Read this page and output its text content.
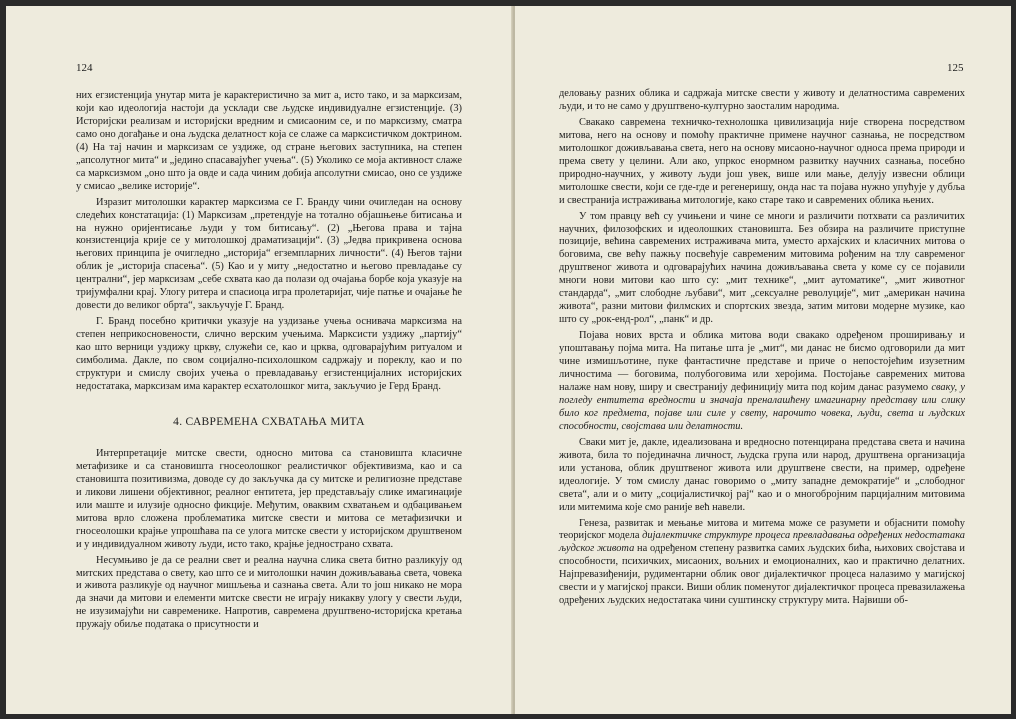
124

них егзистенција унутар мита је карактеристично за мит а, исто тако, и за марксизам, који као идеологија настоји да усклади све људске индивидуалне егзистенције. (3) Историјски реализам и историјски вредним и смисаоним се, и по марксизму, сматра само оно догађање и она људска делатност која се слаже са марксистичком доктрином. (4) На тај начин и марксизам се уздиже, од стране његових заступника, на степен „апсолутног мита“ и „једино спасавајућег учења“. (5) Уколико се моја активност слаже са марксизмом „оно што ја овде и сада чиним добија апсолутни смисао, оно се уздиже у смисао „велике историје“.

Изразит митолошки карактер марксизма се Г. Бранду чини очигледан на основу следећих констатација: (1) Марксизам „претендује на тотално објашњење битисања и на нужно оријентисање људи у том битисању“. (2) „Његова права и тајна конзистенција крије се у митолошкој драматизацији“. (3) „Једва прикривена основа његових принципа је очигледно „историја“ егземпларних личности“. (4) Његов тајни облик је „историја спасења“. (5) Као и у миту „недостатно и његово превладање су централни“, јер марксизам „себе схвата као да полази од очајања борбе која указује на тријумфални крај. Улогу ритера и спасиоца игра пролетаријат, чије патње и очајање ће довести до великог обрта“, закључује Г. Бранд.

Г. Бранд посебно критички указује на уздизање учења оснивача марксизма на степен неприкосновености, слично верским учењима. Марксисти уздижу „партију“ као што верници уздижу цркву, служећи се, као и црква, одговарајућим ритуалом и симболима. Дакле, по свом социјално-психолошком садржају и пореклу, као и по структури и смислу својих учења о превладавању егзистенцијалних историјских недостатака, марксизам има карактер есхатолошког мита, закључио је Герд Бранд.

4. САВРЕМЕНА СХВАТАЊА МИТА

Интерпретације митске свести, односно митова са становишта класичне метафизике и са становишта гносеолошког реалистичког објективизма, као и са становишта позитивизма, доводе су до закључка да су митске и религиозне представе и ликови лишени објективног, реалног ентитета, јер представљају слике имагинације или маште и илузије односно фикције. Међутим, оваквим схватањем и одбацивањем митова врло сложена проблематика митске свести и митова се метафизички и гносеолошки крајње упрошћава па се улога митске свести у историјском друштвеном и у индивидуалном животу људи, исто тако, крајње једнострано схвата.

Несумњиво је да се реални свет и реална научна слика света битно разликују од митских представа о свету, као што се и митолошки начин доживљавања света, човека и живота разликује од научног мишљења и сазнања света. Али то још никако не мора да значи да митови и елементи митске свести не играју никакву улогу у свести људи, не изузимајући ни савременике. Напротив, савремена друштвено-историјска кретања пружају обиље података о присутности и

125

деловању разних облика и садржаја митске свести у животу и делатностима савремених људи, и то не само у друштвено-културно заосталим народима.

Свакако савремена техничко-технолошка цивилизација није створена посредством митова, него на основу и помоћу практичне примене научног сазнања, не посредством митолошког доживљавања света, него на основу мисаоно-научног односа према природи и према свету у целини. Али ако, упркос енормном развитку научних сазнања, посебно природно-научних, у животу људи још увек, више или мање, делују извесни облици митолошке свести, који се где-где и регенеришу, онда нас та појава нужно упућује у дубља и свестранија истраживања митологије, како старе тако и савремених облика њених.

У том правцу већ су учињени и чине се многи и различити потхвати са различитих научних, филозофских и идеолошких становишта. Без обзира на различите приступне позиције, већина савремених истраживача мита, уместо архајских и класичних митова о боговима, све већу пажњу посвећује савременим митовима рођеним на тлу савременог друштвеног живота и одговарајућих начина доживљавања света у коме су се појавили многи нови митови као што су: „мит технике“, „мит аутоматике“, „мит животног стандарда“, „мит слободне љубави“, мит „сексуалне револуције“, мит „американ начина живота“, разни митови филмских и спортских звезда, затим митови модерне музике, као што су „рок-енд-рол“, „панк“ и др.

Појава нових врста и облика митова води свакако одређеном проширивању и упоштавању појма мита. На питање шта је „мит“, ми данас не бисмо одговорили да мит чине измишљотине, пуке фантастичне представе и приче о непостојећим изузетним личностима — боговима, полубоговима или херојима. Постојање савремених митова налаже нам нову, ширу и свестранију дефиницију мита под којим данас разумемо сваку, у погледу ентитета вредности и значаја преналашћену имагинарну представу или слику било ког предмета, појаве или силе у свету, нарочито човека, људи, света и људских способности, својстава или делатности.

Сваки мит је, дакле, идеализована и вредносно потенцирана представа света и начина живота, била то појединачна личност, људска група или народ, друштвена организација или установа, облик друштвеног живота или друштвене свести, на пример, одређене идеологије. У том смислу данас говоримо о „миту западне демократије“ и „слободног света“, али и о миту „социјалистичкој рај“ као и о многобројним парцијалним митовима или митемима које смо раније већ навели.

Генеза, развитак и мењање митова и митема може се разумети и објаснити помоћу теоријског модела дијалектичке структуре процеса превладавања одређених недостатака људског живота на одређеном степену развитка самих људских бића, њихових својстава и способности, психичких, мисаоних, вољних и емоционалних, као и практично делатних. Најпревазиђенији, рудиментарни облик овог дијалектичког процеса налазимо у магијској свести и у магијској пракси. Виши облик поменутог дијалектичког процеса превазилажења одређених људских недостатака чини суштинску структуру мита. Највиши об-
